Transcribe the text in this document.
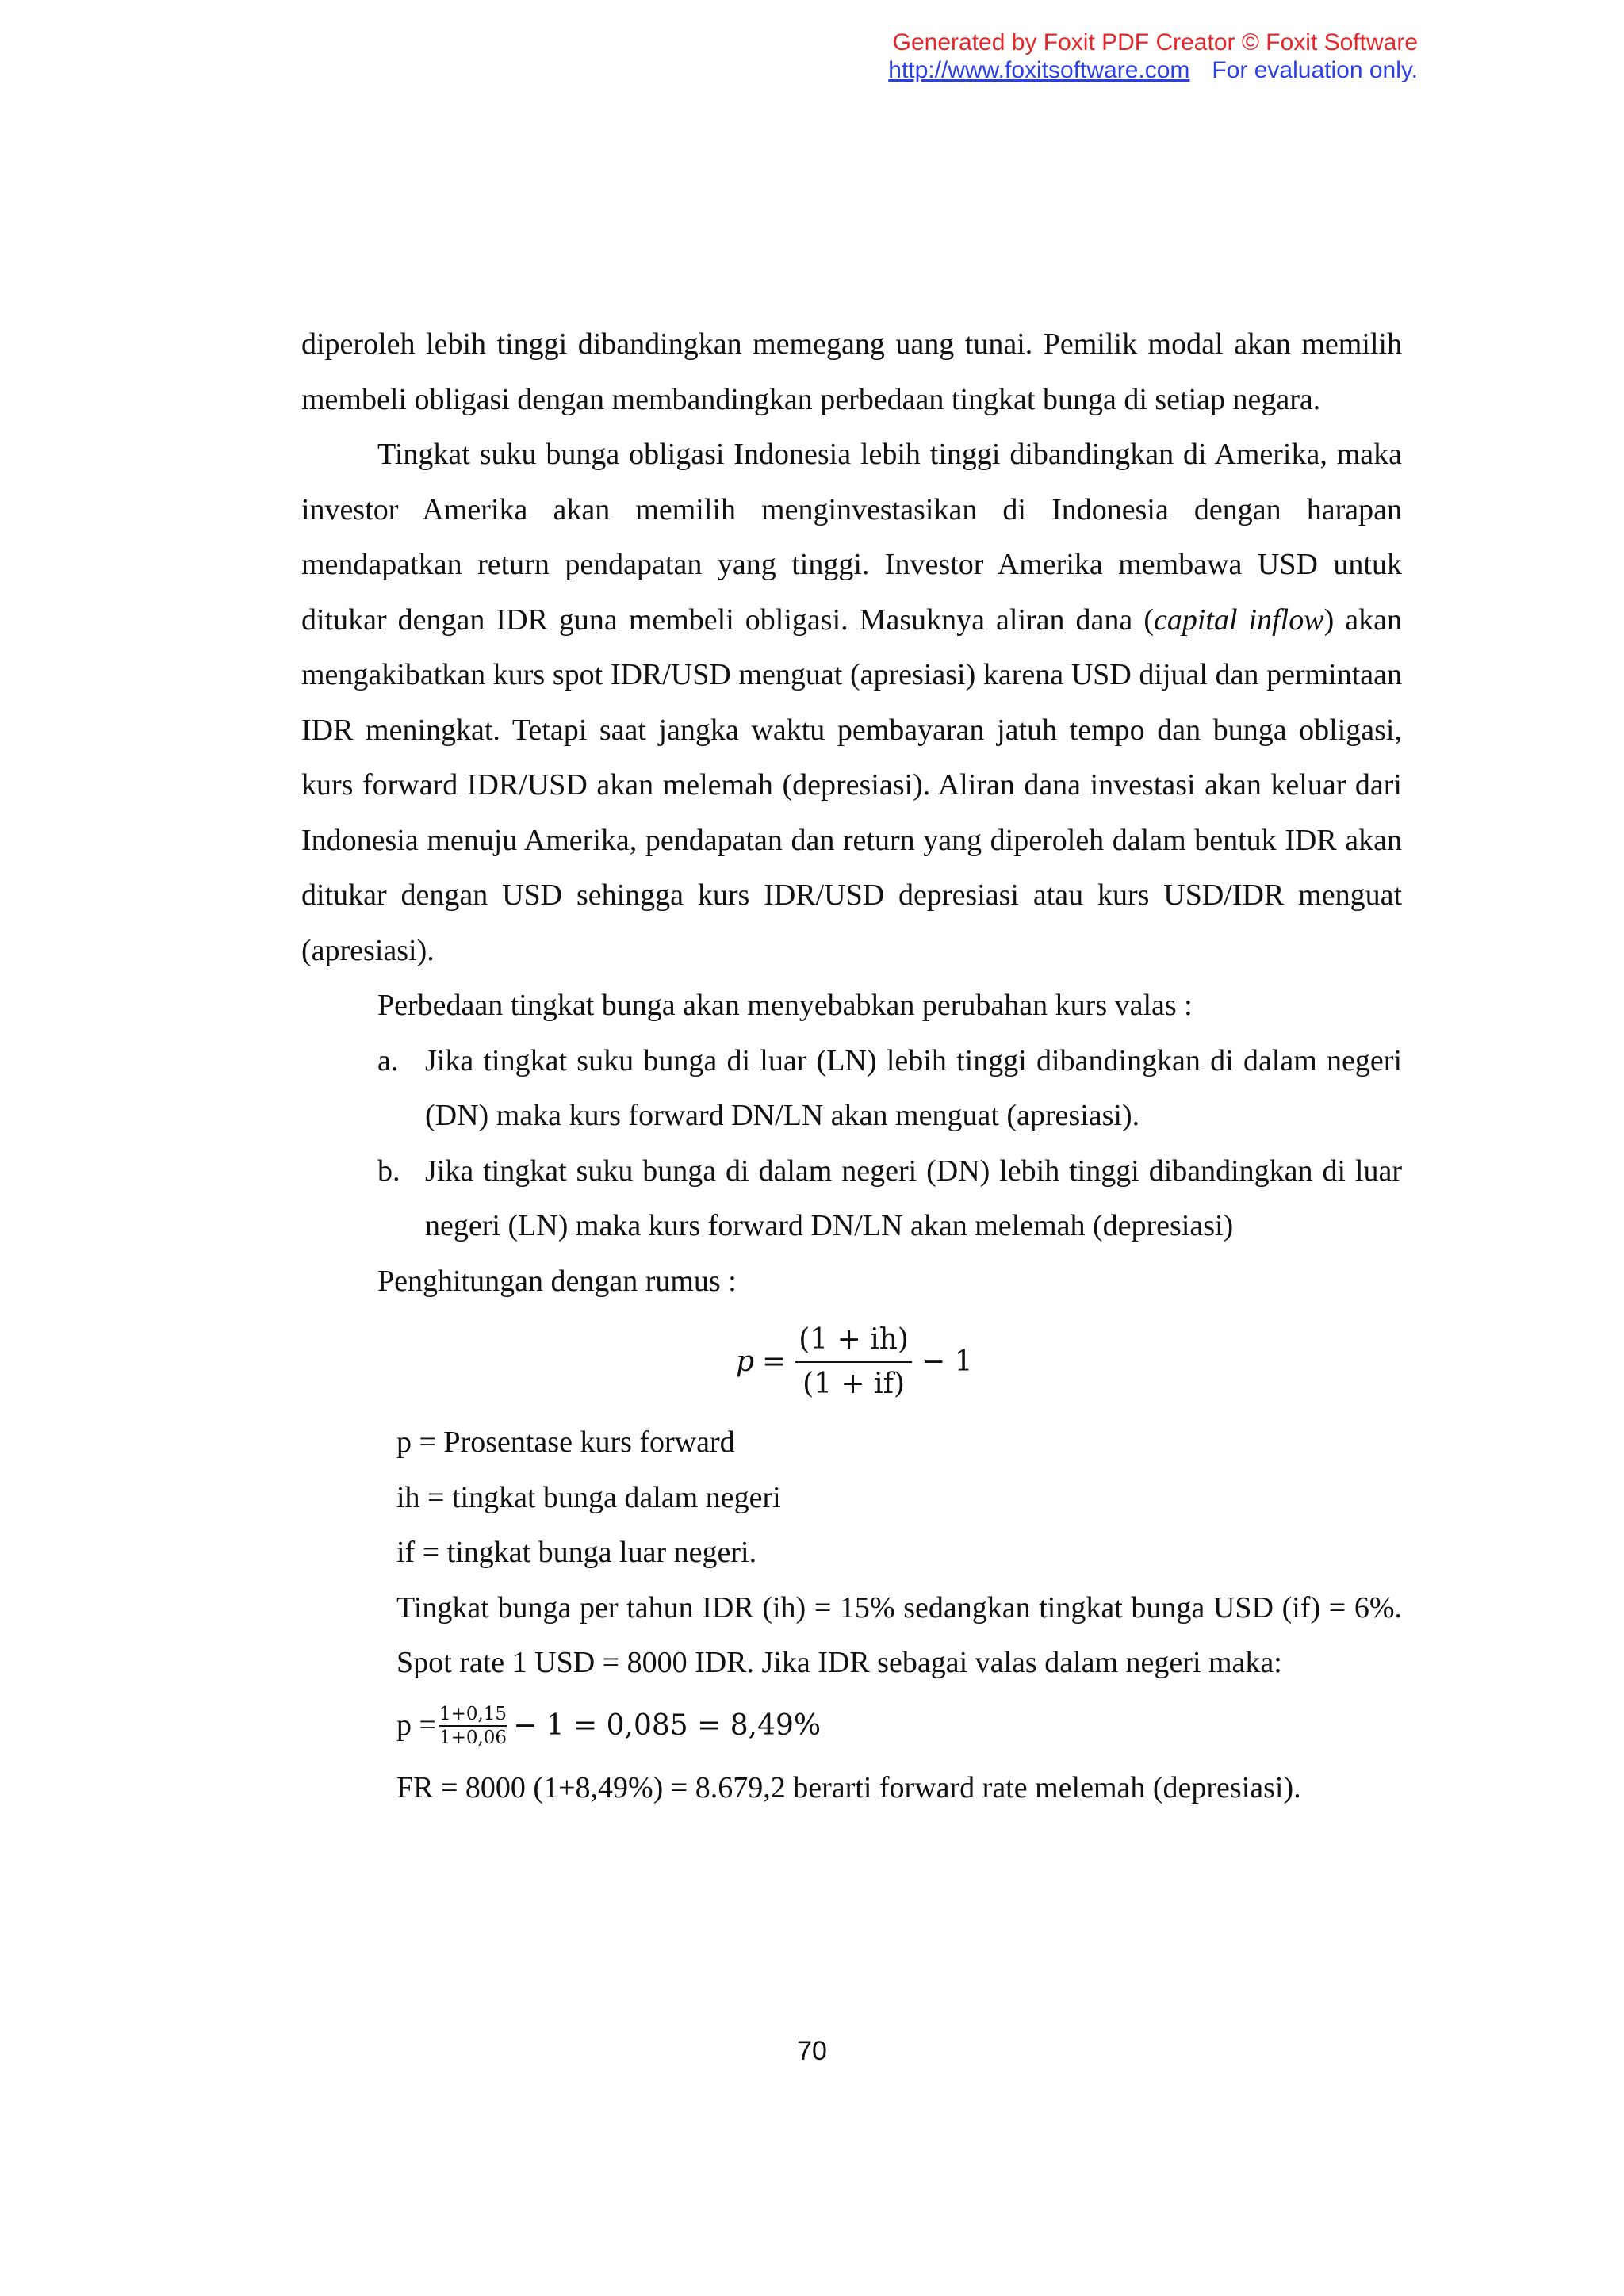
Generated by Foxit PDF Creator © Foxit Software
http://www.foxitsoftware.com For evaluation only.

diperoleh lebih tinggi dibandingkan memegang uang tunai. Pemilik modal akan memilih membeli obligasi dengan membandingkan perbedaan tingkat bunga di setiap negara.

Tingkat suku bunga obligasi Indonesia lebih tinggi dibandingkan di Amerika, maka investor Amerika akan memilih menginvestasikan di Indonesia dengan harapan mendapatkan return pendapatan yang tinggi. Investor Amerika membawa USD untuk ditukar dengan IDR guna membeli obligasi. Masuknya aliran dana (capital inflow) akan mengakibatkan kurs spot IDR/USD menguat (apresiasi) karena USD dijual dan permintaan IDR meningkat. Tetapi saat jangka waktu pembayaran jatuh tempo dan bunga obligasi, kurs forward IDR/USD akan melemah (depresiasi). Aliran dana investasi akan keluar dari Indonesia menuju Amerika, pendapatan dan return yang diperoleh dalam bentuk IDR akan ditukar dengan USD sehingga kurs IDR/USD depresiasi atau kurs USD/IDR menguat (apresiasi).

Perbedaan tingkat bunga akan menyebabkan perubahan kurs valas :

a. Jika tingkat suku bunga di luar (LN) lebih tinggi dibandingkan di dalam negeri (DN) maka kurs forward DN/LN akan menguat (apresiasi).
b. Jika tingkat suku bunga di dalam negeri (DN) lebih tinggi dibandingkan di luar negeri (LN) maka kurs forward DN/LN akan melemah (depresiasi)

Penghitungan dengan rumus :

$p = \frac{(1 + ih)}{(1 + if)} - 1$

p = Prosentase kurs forward

ih = tingkat bunga dalam negeri

if = tingkat bunga luar negeri.

Tingkat bunga per tahun IDR (ih) = 15% sedangkan tingkat bunga USD (if) = 6%. Spot rate 1 USD = 8000 IDR. Jika IDR sebagai valas dalam negeri maka:

p = 1+0,15
1+0,06 − 1 = 0,085 = 8,49%

FR = 8000 (1+8,49%) = 8.679,2 berarti forward rate melemah (depresiasi).

70
